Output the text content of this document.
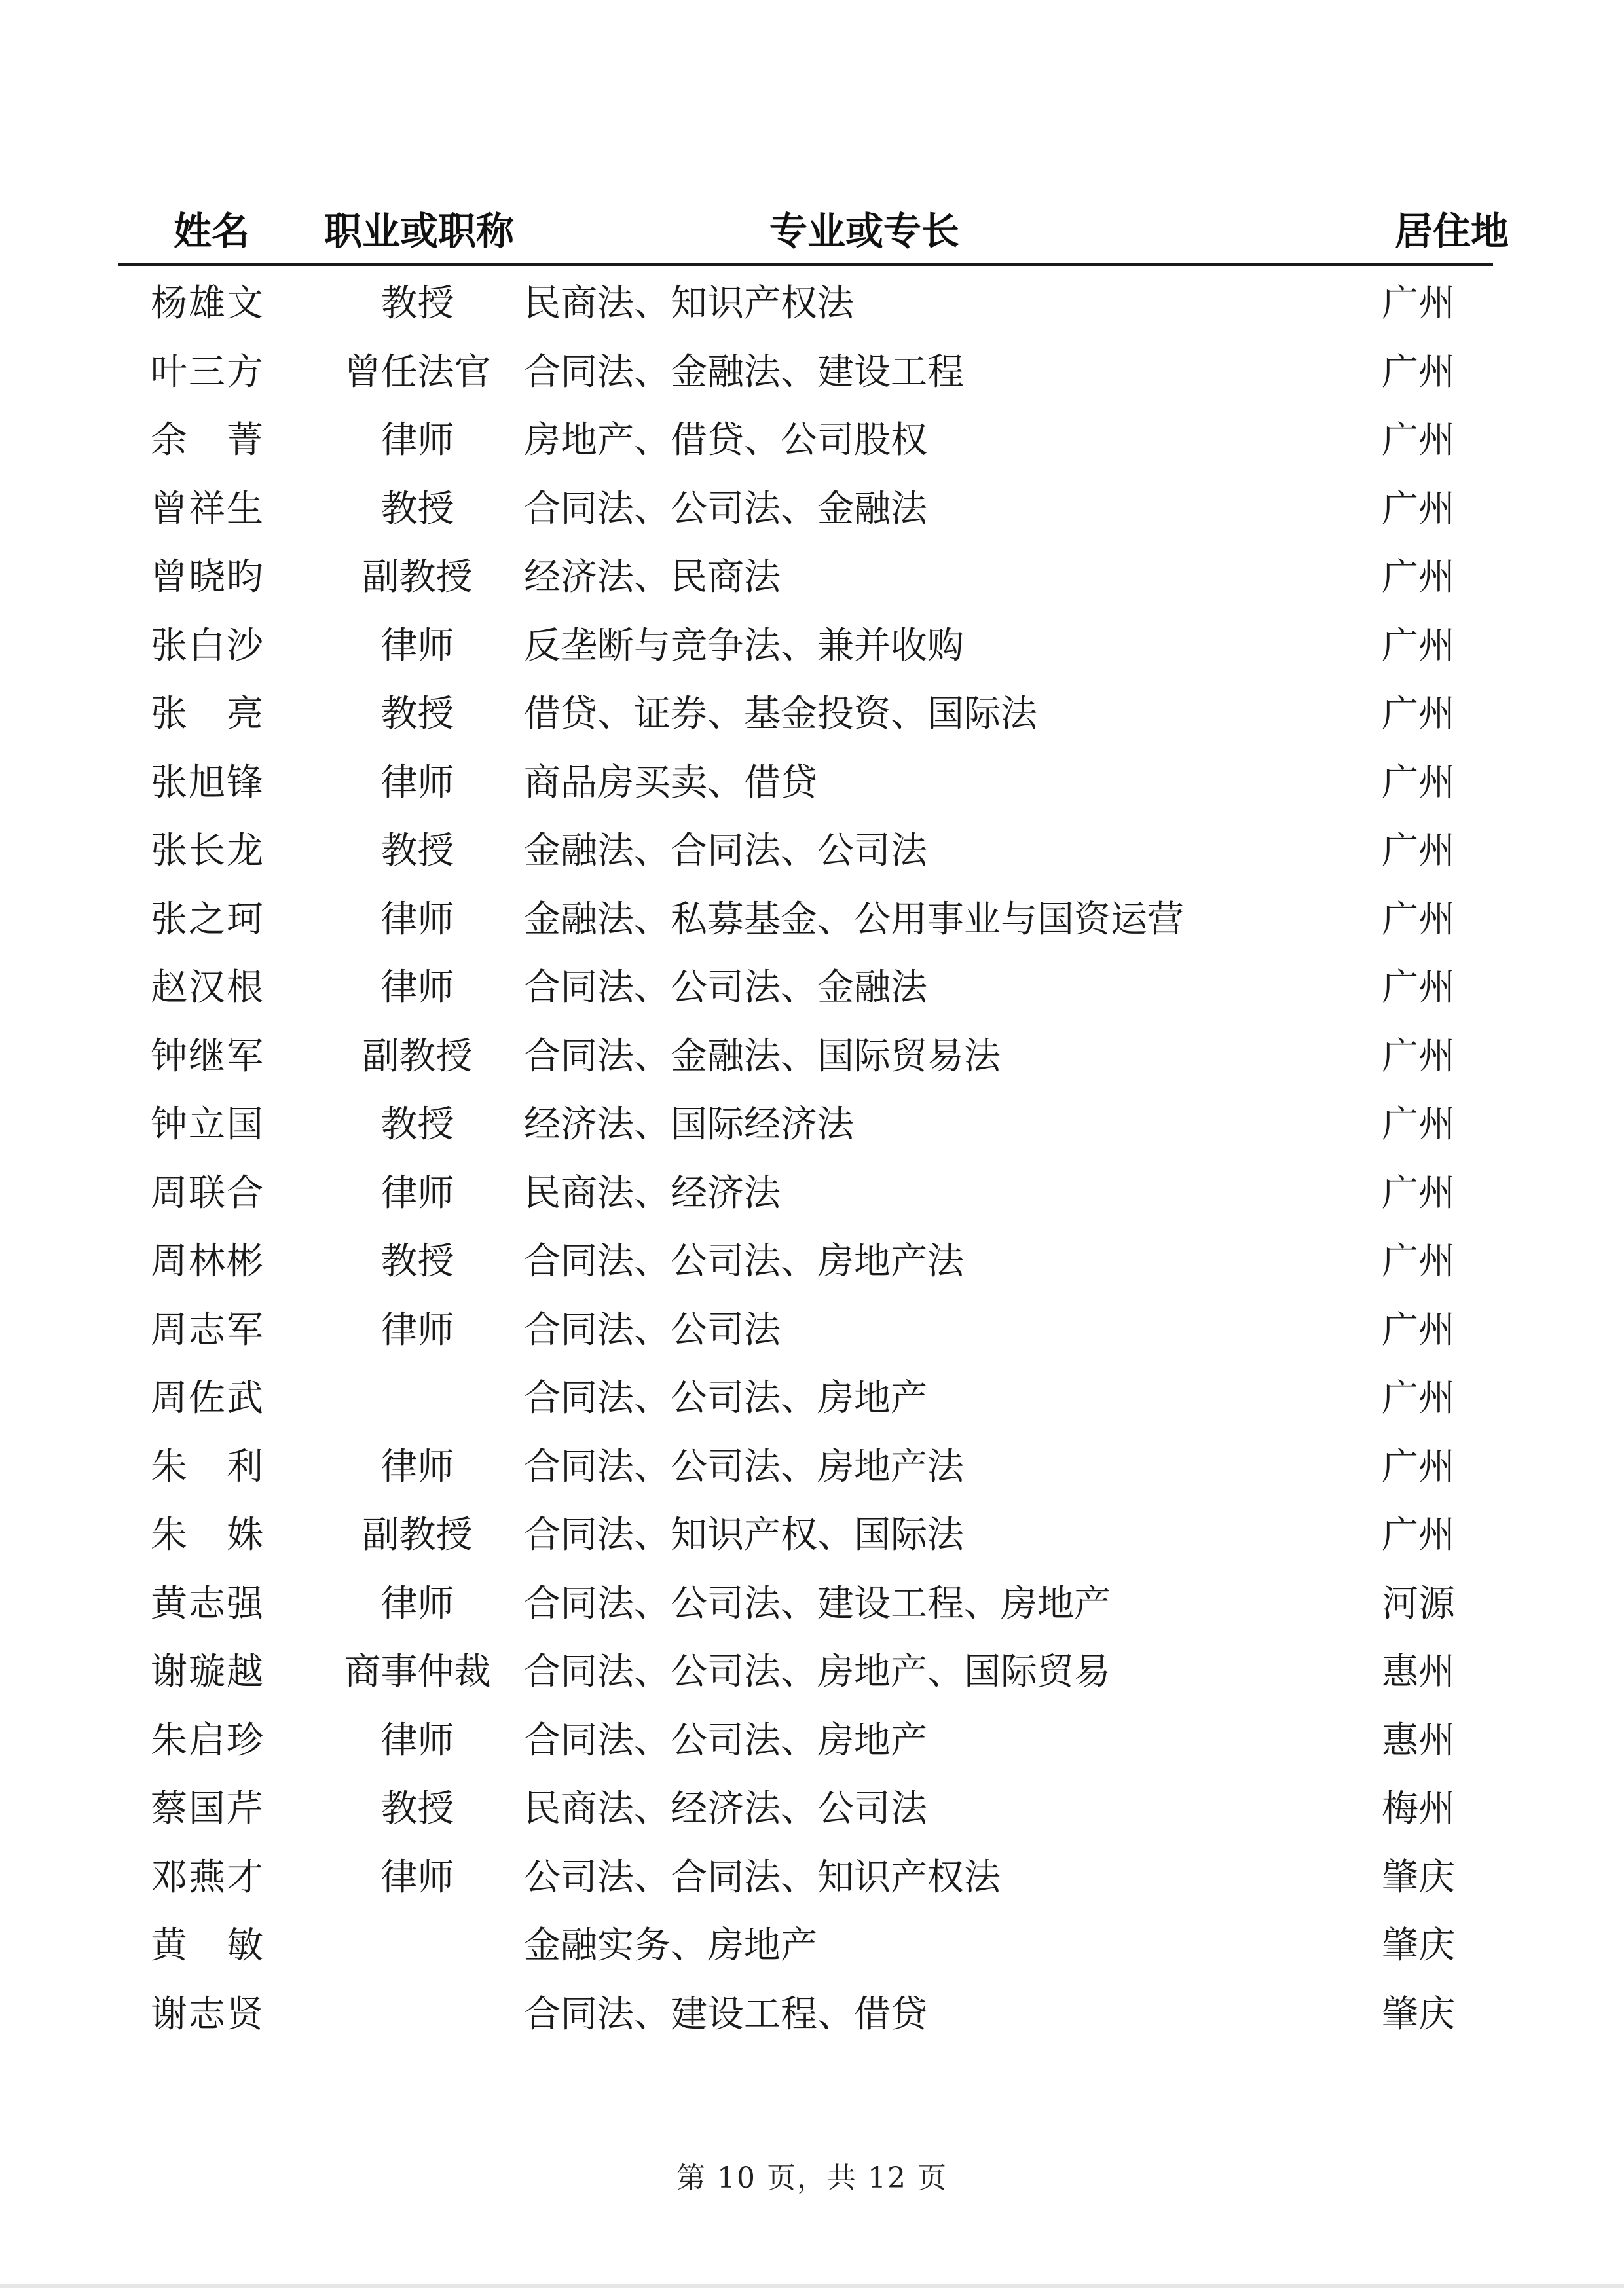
姓名	职业或职称	专业或专长	居住地
杨雄文	教授	民商法、知识产权法	广州
叶三方	曾任法官	合同法、金融法、建设工程	广州
余　菁	律师	房地产、借贷、公司股权	广州
曾祥生	教授	合同法、公司法、金融法	广州
曾晓昀	副教授	经济法、民商法	广州
张白沙	律师	反垄断与竞争法、兼并收购	广州
张　亮	教授	借贷、证券、基金投资、国际法	广州
张旭锋	律师	商品房买卖、借贷	广州
张长龙	教授	金融法、合同法、公司法	广州
张之珂	律师	金融法、私募基金、公用事业与国资运营	广州
赵汉根	律师	合同法、公司法、金融法	广州
钟继军	副教授	合同法、金融法、国际贸易法	广州
钟立国	教授	经济法、国际经济法	广州
周联合	律师	民商法、经济法	广州
周林彬	教授	合同法、公司法、房地产法	广州
周志军	律师	合同法、公司法	广州
周佐武		合同法、公司法、房地产	广州
朱　利	律师	合同法、公司法、房地产法	广州
朱　姝	副教授	合同法、知识产权、国际法	广州
黄志强	律师	合同法、公司法、建设工程、房地产	河源
谢璇越	商事仲裁	合同法、公司法、房地产、国际贸易	惠州
朱启珍	律师	合同法、公司法、房地产	惠州
蔡国芹	教授	民商法、经济法、公司法	梅州
邓燕才	律师	公司法、合同法、知识产权法	肇庆
黄　敏		金融实务、房地产	肇庆
谢志贤		合同法、建设工程、借贷	肇庆
第 10 页，共 12 页
